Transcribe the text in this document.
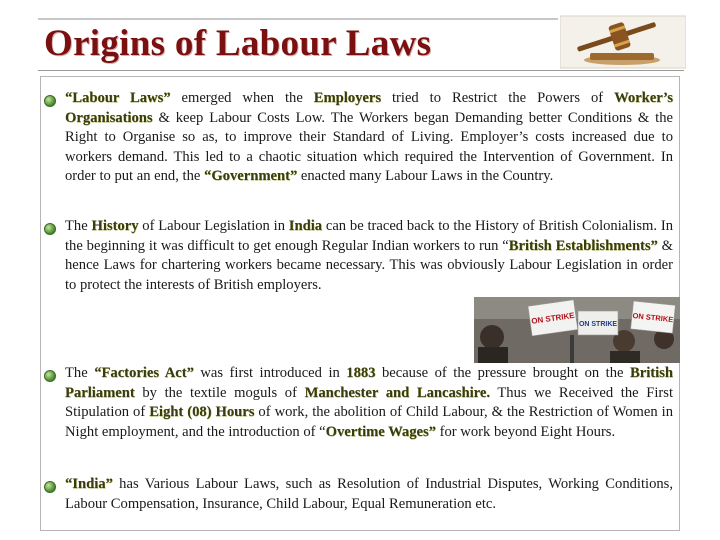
Origins of Labour Laws

“Labour Laws” emerged when the Employers tried to Restrict the Powers of Worker’s Organisations & keep Labour Costs Low. The Workers began Demanding better Conditions & the Right to Organise so as, to improve their Standard of Living. Employer’s costs increased due to workers demand. This led to a chaotic situation which required the Intervention of Government. In order to put an end, the “Government” enacted many Labour Laws in the Country.

The History of Labour Legislation in India can be traced back to the History of British Colonialism. In the beginning it was difficult to get enough Regular Indian workers to run “British Establishments” & hence Laws for chartering workers became necessary. This was obviously Labour Legislation in order to protect the interests of British employers.

The “Factories Act” was first introduced in 1883 because of the pressure brought on the British Parliament by the textile moguls of Manchester and Lancashire. Thus we Received the First Stipulation of Eight (08) Hours of work, the abolition of Child Labour, & the Restriction of Women in Night employment, and the introduction of “Overtime Wages” for work beyond Eight Hours.

“India” has Various Labour Laws, such as Resolution of Industrial Disputes, Working Conditions, Labour Compensation, Insurance, Child Labour, Equal Remuneration etc.

ON STRIKE ON STRIKE
ON STRIKE
